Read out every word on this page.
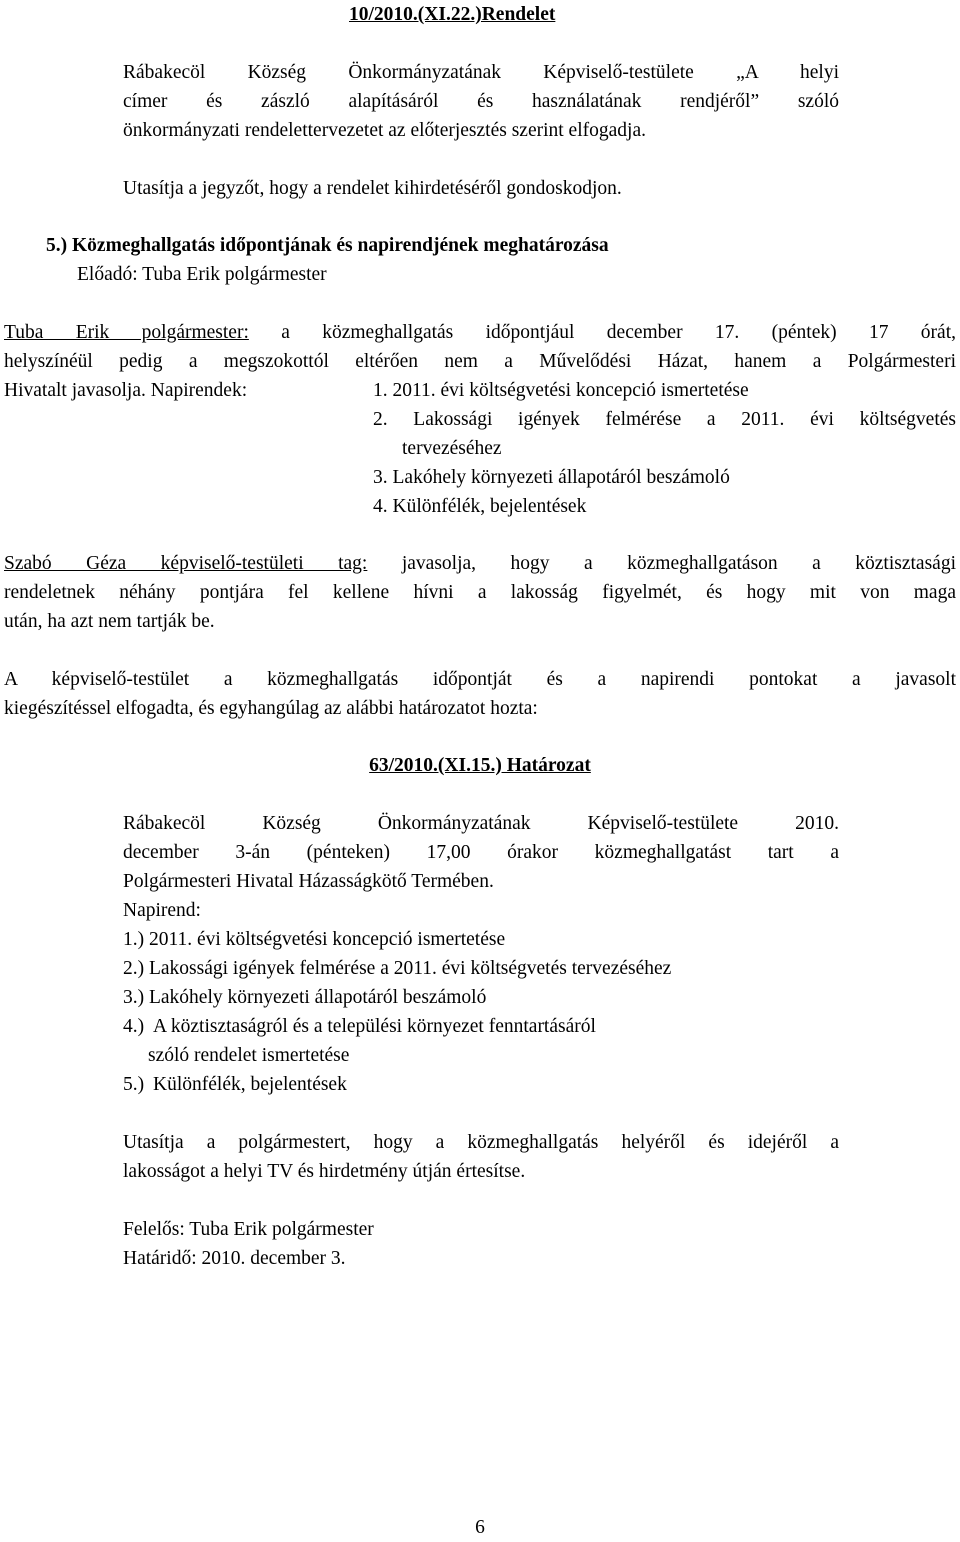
10/2010.(XI.22.)Rendelet
Rábakecöl Község Önkormányzatának Képviselő-testülete „A helyi
címer és zászló alapításáról és használatának rendjéről” szóló
önkormányzati rendelettervezetet az előterjesztés szerint elfogadja.
Utasítja a jegyzőt, hogy a rendelet kihirdetéséről gondoskodjon.
5.) Közmeghallgatás időpontjának és napirendjének meghatározása
Előadó: Tuba Erik polgármester
Tuba Erik polgármester: a közmeghallgatás időpontjául december 17. (péntek) 17 órát,
helyszínéül pedig a megszokottól eltérően nem a Művelődési Házat, hanem a Polgármesteri
Hivatalt javasolja. Napirendek:	1. 2011. évi költségvetési koncepció ismertetése
2. Lakossági igények felmérése a 2011. évi költségvetés
tervezéséhez
3. Lakóhely környezeti állapotáról beszámoló
4. Különfélék, bejelentések
Szabó Géza képviselő-testületi tag: javasolja, hogy a közmeghallgatáson a köztisztasági
rendeletnek néhány pontjára fel kellene hívni a lakosság figyelmét, és hogy mit von maga
után, ha azt nem tartják be.
A képviselő-testület a közmeghallgatás időpontját és a napirendi pontokat a javasolt
kiegészítéssel elfogadta, és egyhangúlag az alábbi határozatot hozta:
63/2010.(XI.15.) Határozat
Rábakecöl Község Önkormányzatának Képviselő-testülete 2010.
december 3-án (pénteken) 17,00 órakor közmeghallgatást tart a
Polgármesteri Hivatal Házasságkötő Termében.
Napirend:
1.) 2011. évi költségvetési koncepció ismertetése
2.) Lakossági igények felmérése a 2011. évi költségvetés tervezéséhez
3.) Lakóhely környezeti állapotáról beszámoló
4.) A köztisztaságról és a települési környezet fenntartásáról
szóló rendelet ismertetése
5.) Különfélék, bejelentések
Utasítja a polgármestert, hogy a közmeghallgatás helyéről és idejéről a
lakosságot a helyi TV és hirdetmény útján értesítse.
Felelős: Tuba Erik polgármester
Határidő: 2010. december 3.
6
